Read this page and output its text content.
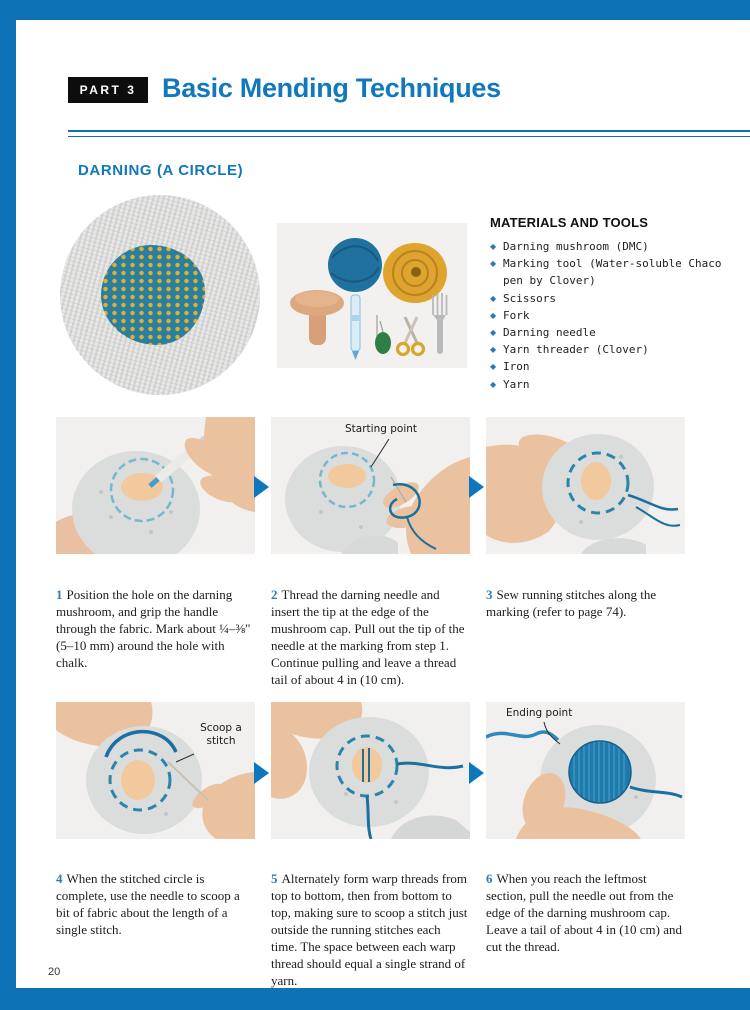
PART 3 Basic Mending Techniques
DARNING (A CIRCLE)
MATERIALS AND TOOLS
◆ Darning mushroom (DMC)
◆ Marking tool (Water-soluble Chaco pen by Clover)
◆ Scissors
◆ Fork
◆ Darning needle
◆ Yarn threader (Clover)
◆ Iron
◆ Yarn
Starting point
1 Position the hole on the darning mushroom, and grip the handle through the fabric. Mark about ¼–⅜" (5–10 mm) around the hole with chalk.
2 Thread the darning needle and insert the tip at the edge of the mushroom cap. Pull out the tip of the needle at the marking from step 1. Continue pulling and leave a thread tail of about 4 in (10 cm).
3 Sew running stitches along the marking (refer to page 74).
Scoop a stitch
Ending point
4 When the stitched circle is complete, use the needle to scoop a bit of fabric about the length of a single stitch.
5 Alternately form warp threads from top to bottom, then from bottom to top, making sure to scoop a stitch just outside the running stitches each time. The space between each warp thread should equal a single strand of yarn.
6 When you reach the leftmost section, pull the needle out from the edge of the darning mushroom cap. Leave a tail of about 4 in (10 cm) and cut the thread.
20
